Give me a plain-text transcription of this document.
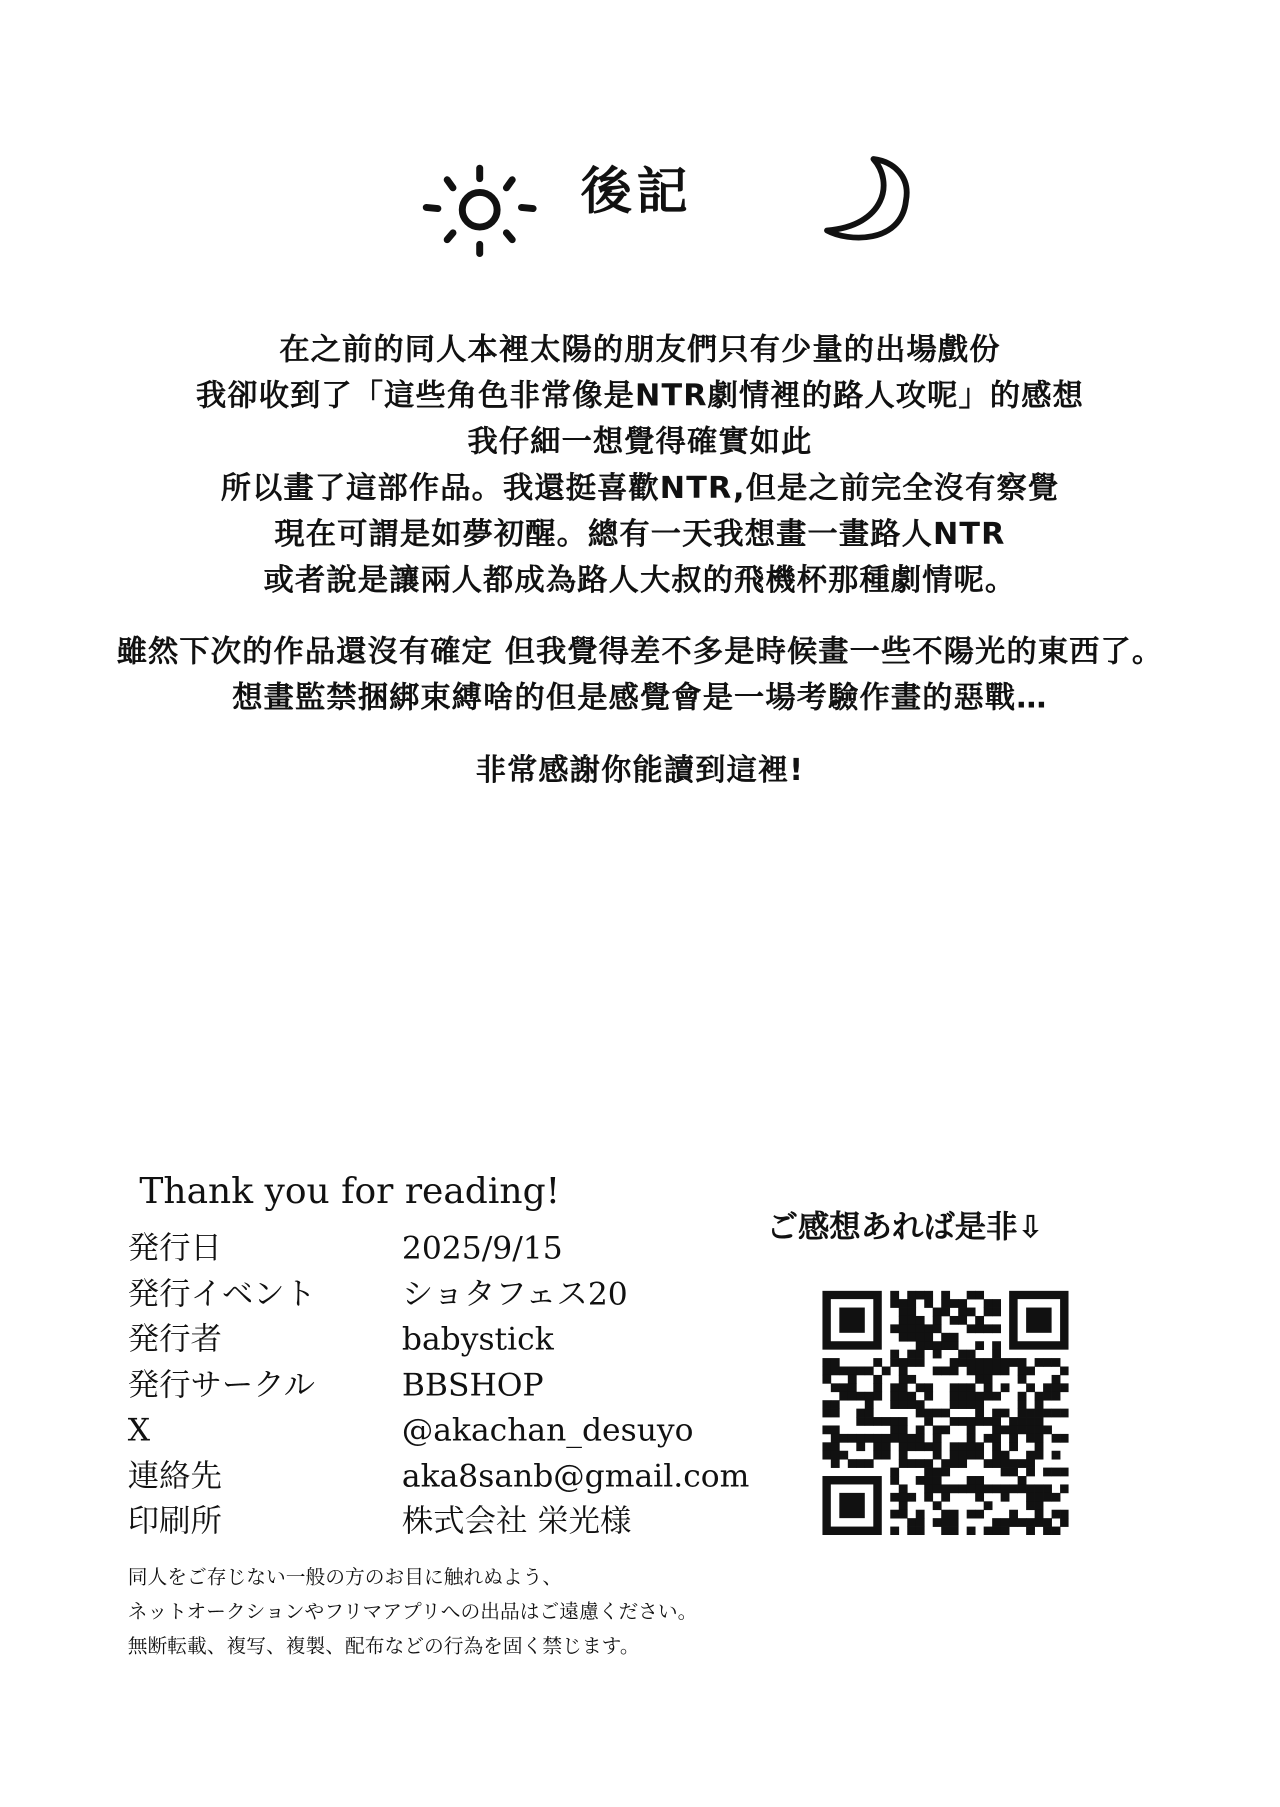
後記
在之前的同人本裡太陽的朋友們只有少量的出場戲份
我卻收到了「這些角色非常像是NTR劇情裡的路人攻呢」的感想
我仔細一想覺得確實如此
所以畫了這部作品。我還挺喜歡NTR,但是之前完全沒有察覺
現在可謂是如夢初醒。總有一天我想畫一畫路人NTR
或者說是讓兩人都成為路人大叔的飛機杯那種劇情呢。
雖然下次的作品還沒有確定 但我覺得差不多是時候畫一些不陽光的東西了。
想畫監禁捆綁束縛啥的但是感覺會是一場考驗作畫的惡戰…
非常感謝你能讀到這裡!
Thank you for reading!
発行日	2025/9/15
発行イベント	ショタフェス20
発行者	babystick
発行サークル	BBSHOP
X	@akachan_desuyo
連絡先	aka8sanb@gmail.com
印刷所	株式会社 栄光様
同人をご存じない一般の方のお目に触れぬよう、
ネットオークションやフリマアプリへの出品はご遠慮ください。
無断転載、複写、複製、配布などの行為を固く禁じます。
ご感想あれば是非⇩
